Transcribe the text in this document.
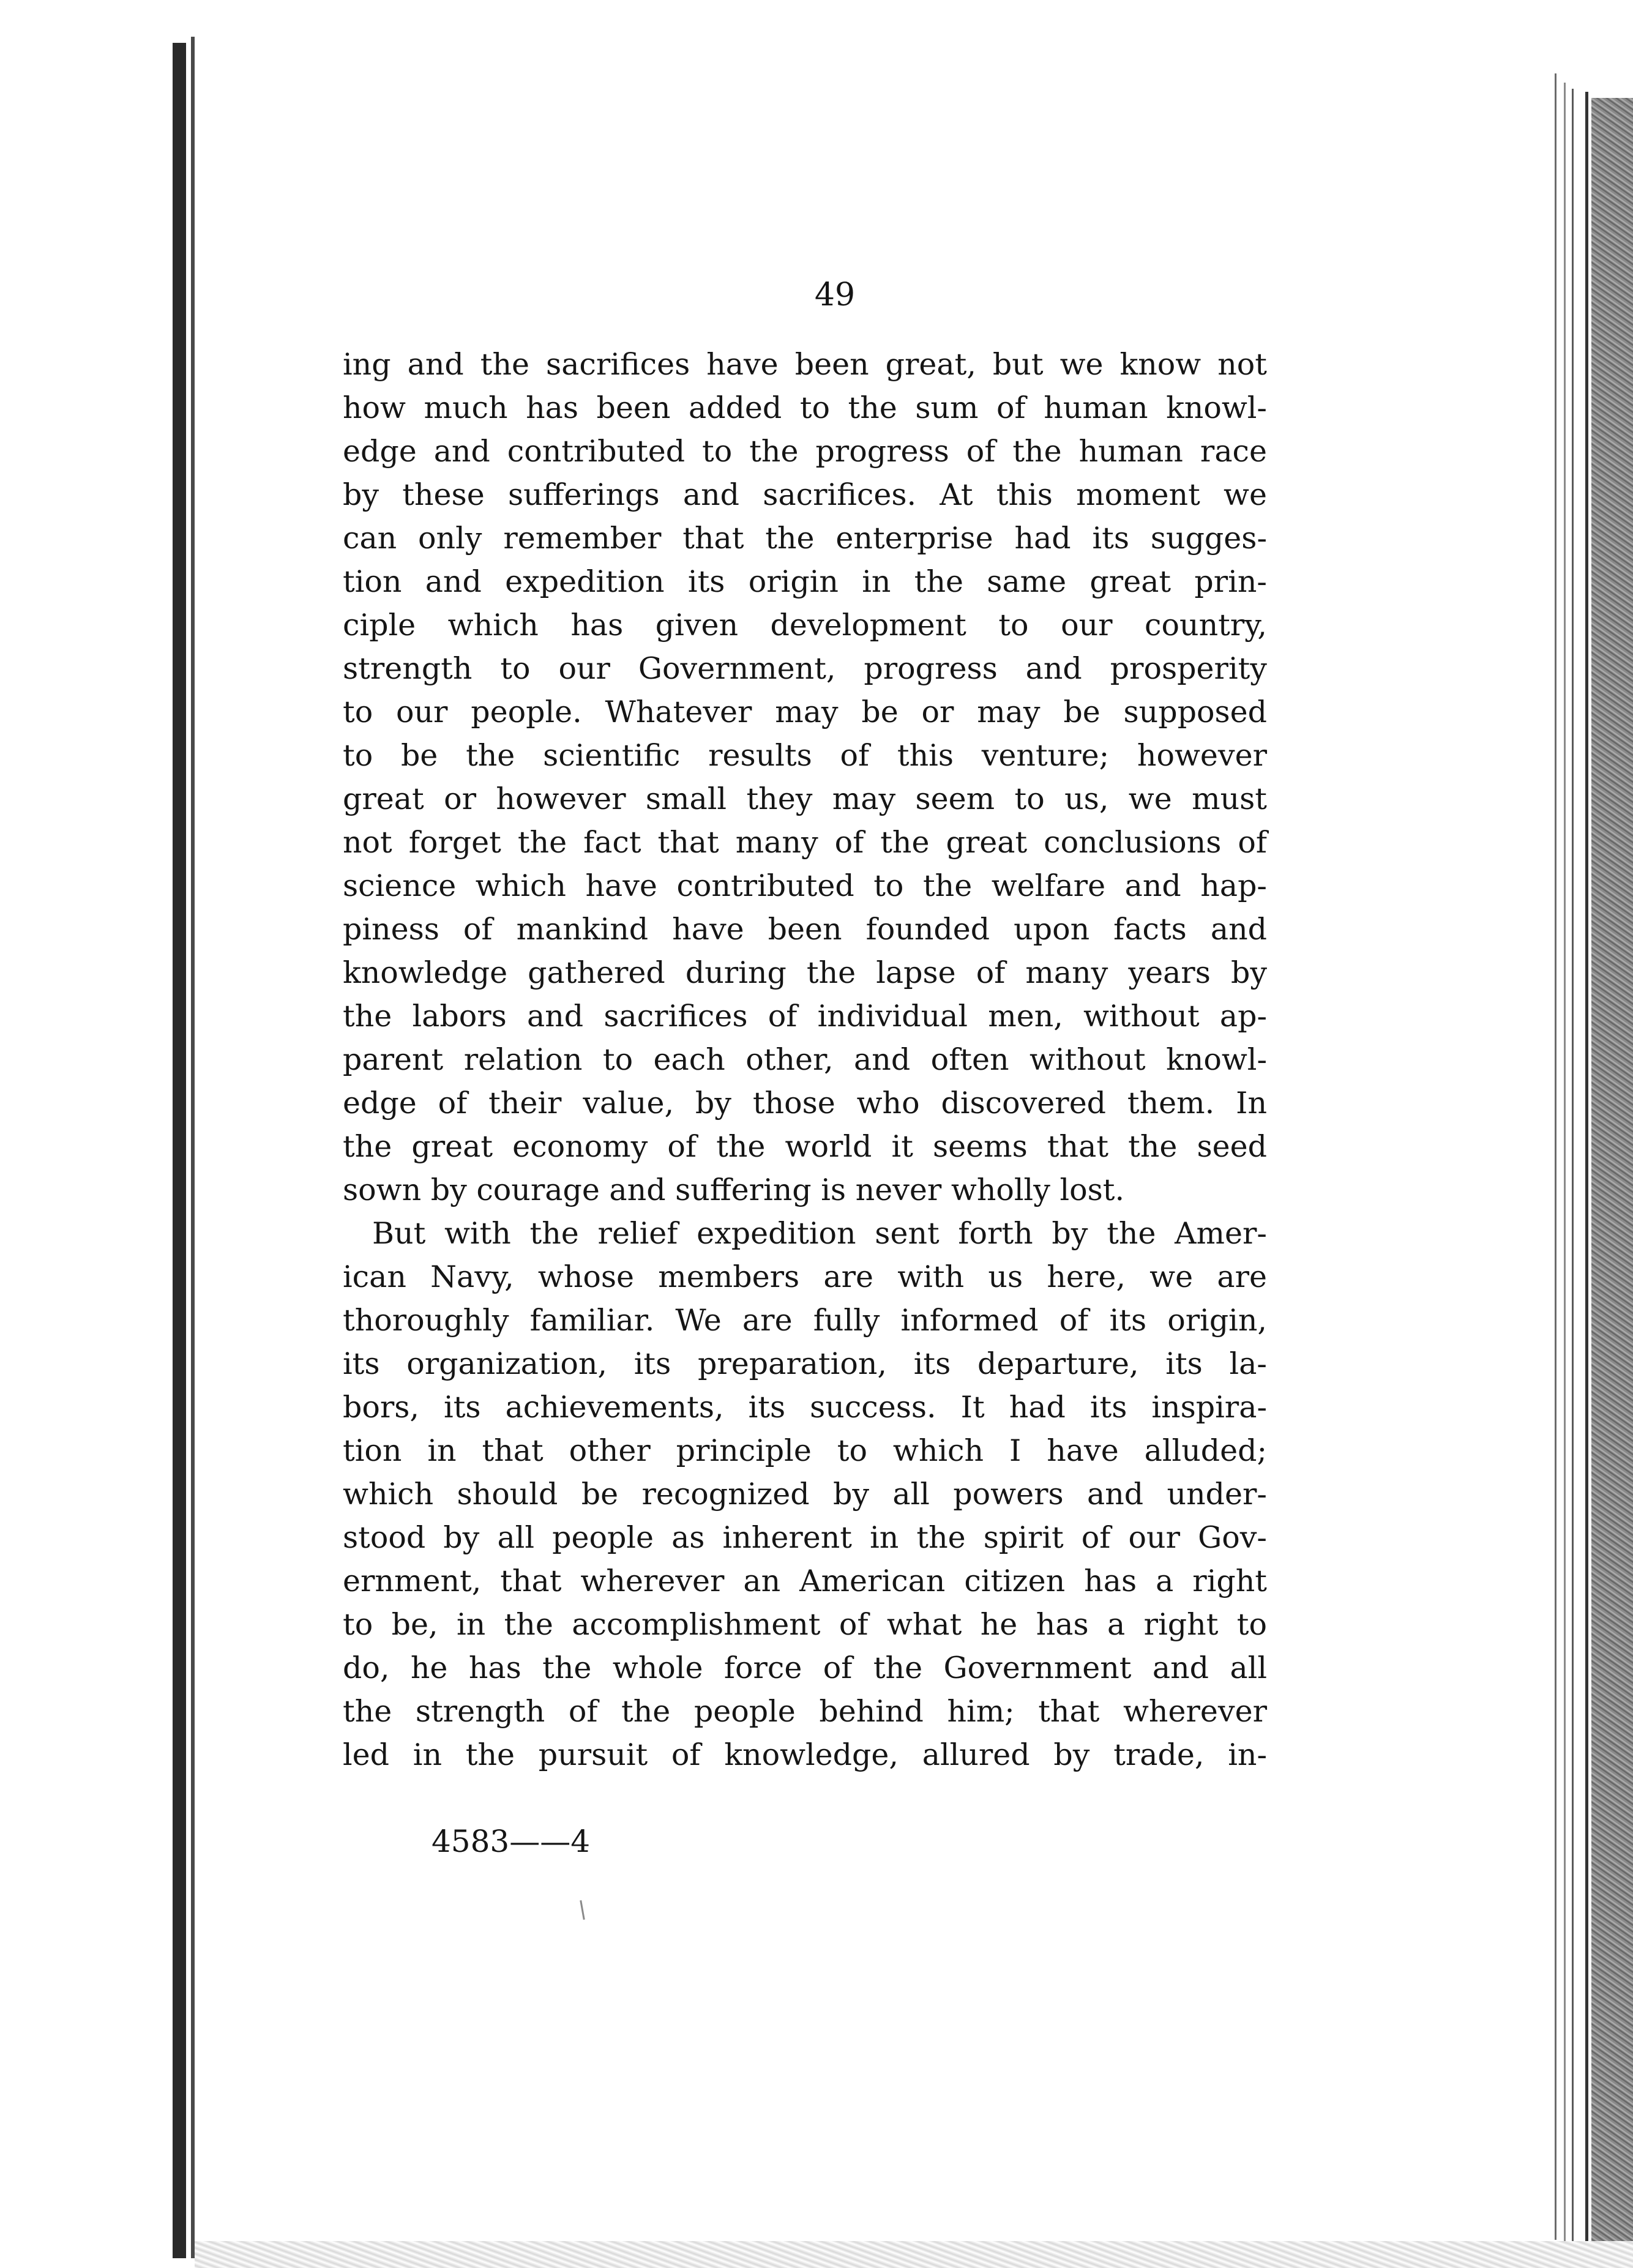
49
ing and the sacrifices have been great, but we know not
how much has been added to the sum of human knowl-
edge and contributed to the progress of the human race
by these sufferings and sacrifices. At this moment we
can only remember that the enterprise had its sugges-
tion and expedition its origin in the same great prin-
ciple which has given development to our country,
strength to our Government, progress and prosperity
to our people. Whatever may be or may be supposed
to be the scientific results of this venture; however
great or however small they may seem to us, we must
not forget the fact that many of the great conclusions of
science which have contributed to the welfare and hap-
piness of mankind have been founded upon facts and
knowledge gathered during the lapse of many years by
the labors and sacrifices of individual men, without ap-
parent relation to each other, and often without knowl-
edge of their value, by those who discovered them. In
the great economy of the world it seems that the seed
sown by courage and suffering is never wholly lost.
But with the relief expedition sent forth by the Amer-
ican Navy, whose members are with us here, we are
thoroughly familiar. We are fully informed of its origin,
its organization, its preparation, its departure, its la-
bors, its achievements, its success. It had its inspira-
tion in that other principle to which I have alluded;
which should be recognized by all powers and under-
stood by all people as inherent in the spirit of our Gov-
ernment, that wherever an American citizen has a right
to be, in the accomplishment of what he has a right to
do, he has the whole force of the Government and all
the strength of the people behind him; that wherever
led in the pursuit of knowledge, allured by trade, in-
4583——4
